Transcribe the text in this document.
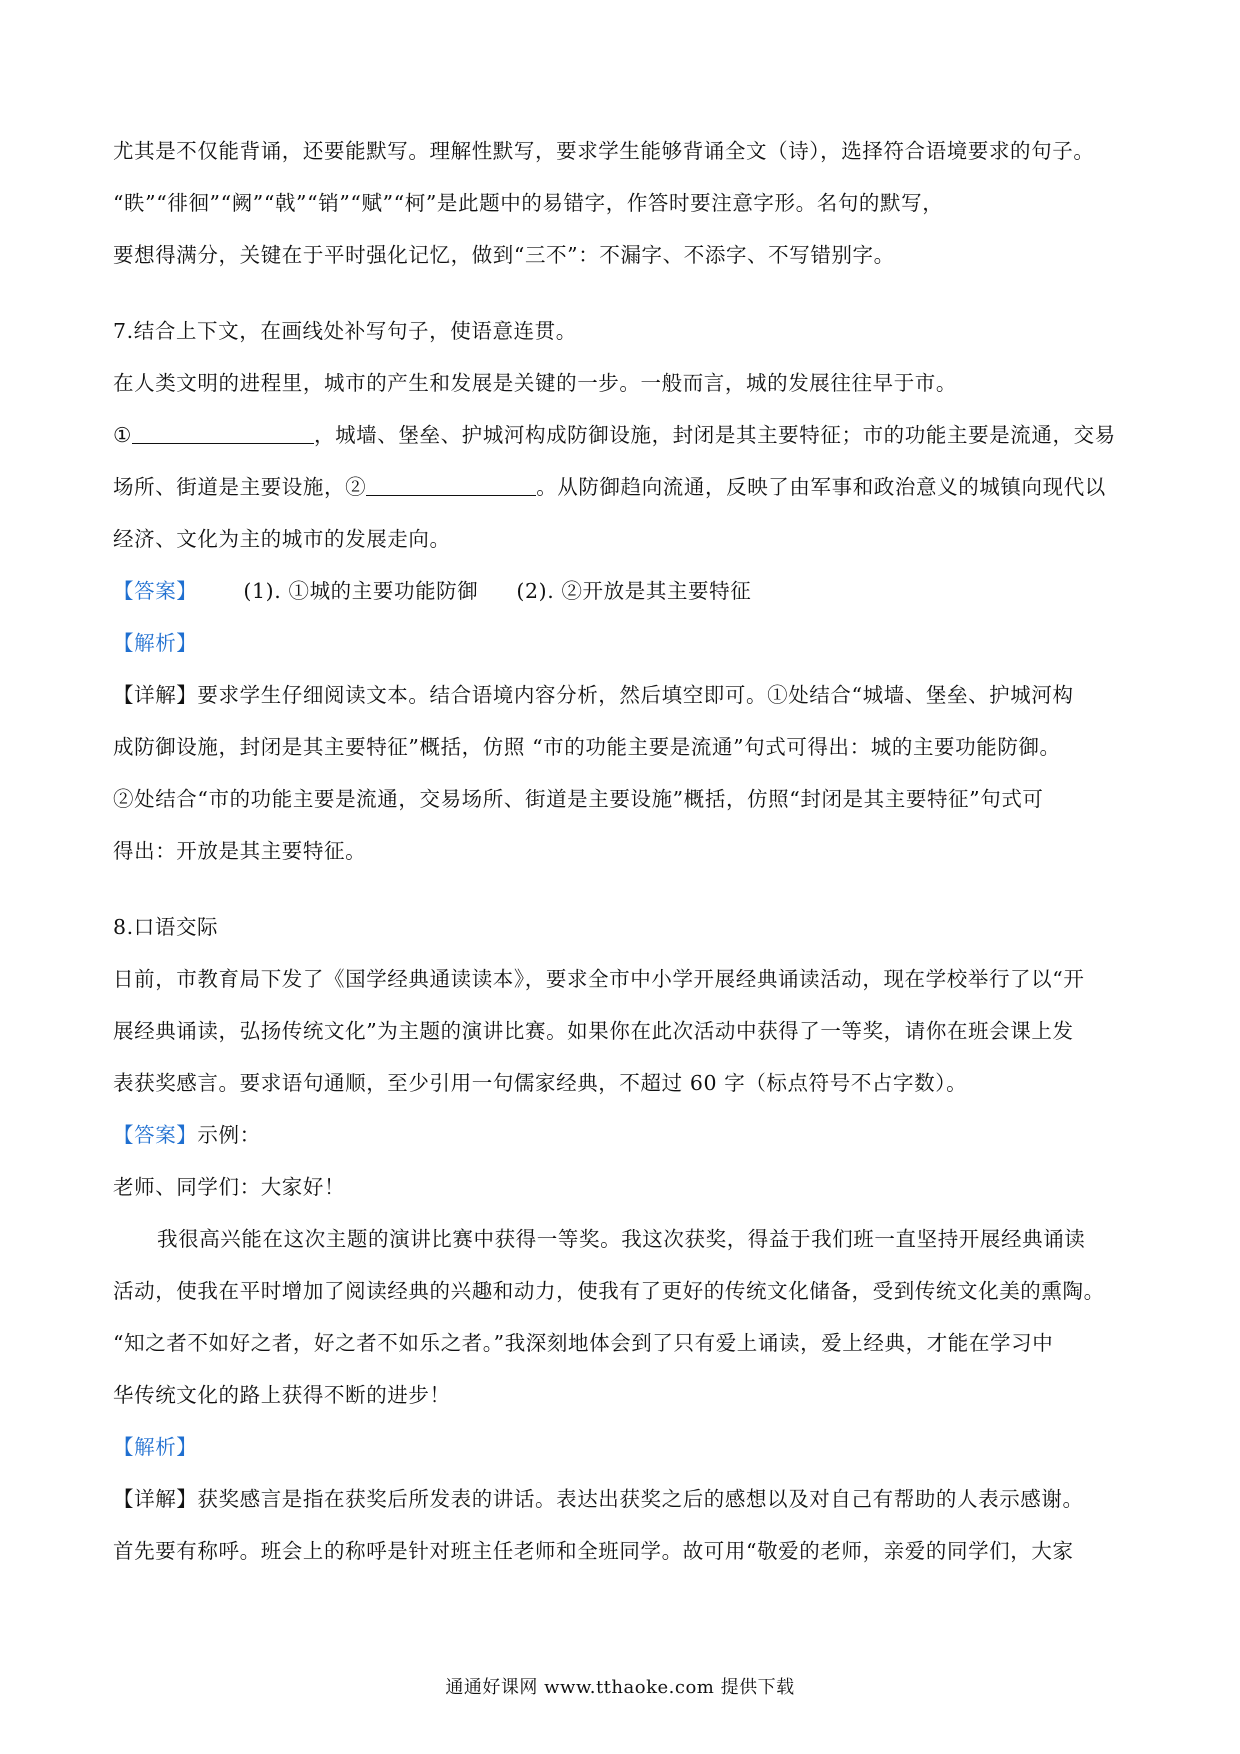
尤其是不仅能背诵，还要能默写。理解性默写，要求学生能够背诵全文（诗），选择符合语境要求的句子。
“眣”“徘徊”“阙”“戟”“销”“赋”“柯”是此题中的易错字，作答时要注意字形。名句的默写，
要想得满分，关键在于平时强化记忆，做到“三不”：不漏字、不添字、不写错别字。
7.结合上下文，在画线处补写句子，使语意连贯。
在人类文明的进程里，城市的产生和发展是关键的一步。一般而言，城的发展往往早于市。
①	，城墙、堡垒、护城河构成防御设施，封闭是其主要特征；市的功能主要是流通，交易
场所、街道是主要设施，②	。从防御趋向流通，反映了由军事和政治意义的城镇向现代以
经济、文化为主的城市的发展走向。
【答案】 (1). ①城的主要功能防御 (2). ②开放是其主要特征
【解析】
【详解】要求学生仔细阅读文本。结合语境内容分析，然后填空即可。①处结合“城墙、堡垒、护城河构
成防御设施，封闭是其主要特征”概括，仿照 “市的功能主要是流通”句式可得出：城的主要功能防御。
②处结合“市的功能主要是流通，交易场所、街道是主要设施”概括，仿照“封闭是其主要特征”句式可
得出：开放是其主要特征。
8.口语交际
日前，市教育局下发了《国学经典通读读本》，要求全市中小学开展经典诵读活动，现在学校举行了以“开
展经典诵读，弘扬传统文化”为主题的演讲比赛。如果你在此次活动中获得了一等奖，请你在班会课上发
表获奖感言。要求语句通顺，至少引用一句儒家经典，不超过 60 字（标点符号不占字数）。
【答案】示例：
老师、同学们：大家好！
我很高兴能在这次主题的演讲比赛中获得一等奖。我这次获奖，得益于我们班一直坚持开展经典诵读
活动，使我在平时增加了阅读经典的兴趣和动力，使我有了更好的传统文化储备，受到传统文化美的熏陶。
“知之者不如好之者，好之者不如乐之者。”我深刻地体会到了只有爱上诵读，爱上经典，才能在学习中
华传统文化的路上获得不断的进步！
【解析】
【详解】获奖感言是指在获奖后所发表的讲话。表达出获奖之后的感想以及对自己有帮助的人表示感谢。
首先要有称呼。班会上的称呼是针对班主任老师和全班同学。故可用“敬爱的老师，亲爱的同学们，大家
通通好课网 www.tthaoke.com 提供下载
